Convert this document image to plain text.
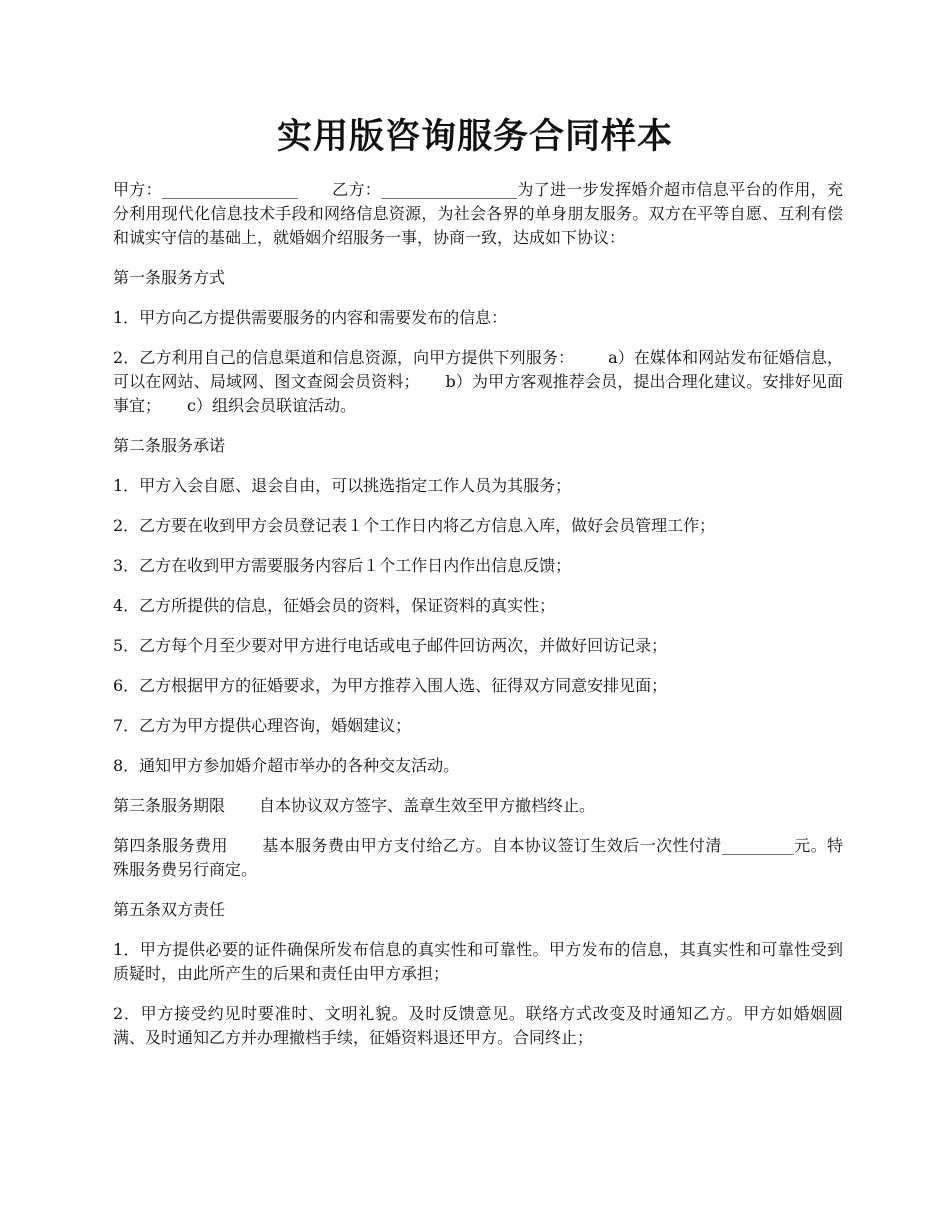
实用版咨询服务合同样本

甲方：_________________ 乙方：_________________为了进一步发挥婚介超市信息平台的作用，充分利用现代化信息技术手段和网络信息资源，为社会各界的单身朋友服务。双方在平等自愿、互利有偿和诚实守信的基础上，就婚姻介绍服务一事，协商一致，达成如下协议：

第一条服务方式

1．甲方向乙方提供需要服务的内容和需要发布的信息：

2．乙方利用自己的信息渠道和信息资源，向甲方提供下列服务： a）在媒体和网站发布征婚信息，可以在网站、局域网、图文查阅会员资料； b）为甲方客观推荐会员，提出合理化建议。安排好见面事宜； c）组织会员联谊活动。

第二条服务承诺

1．甲方入会自愿、退会自由，可以挑选指定工作人员为其服务；

2．乙方要在收到甲方会员登记表１个工作日内将乙方信息入库，做好会员管理工作；

3．乙方在收到甲方需要服务内容后１个工作日内作出信息反馈；

4．乙方所提供的信息，征婚会员的资料，保证资料的真实性；

5．乙方每个月至少要对甲方进行电话或电子邮件回访两次，并做好回访记录；

6．乙方根据甲方的征婚要求，为甲方推荐入围人选、征得双方同意安排见面；

7．乙方为甲方提供心理咨询，婚姻建议；

8．通知甲方参加婚介超市举办的各种交友活动。

第三条服务期限 自本协议双方签字、盖章生效至甲方撤档终止。

第四条服务费用 基本服务费由甲方支付给乙方。自本协议签订生效后一次性付清_________元。特殊服务费另行商定。

第五条双方责任

1．甲方提供必要的证件确保所发布信息的真实性和可靠性。甲方发布的信息，其真实性和可靠性受到质疑时，由此所产生的后果和责任由甲方承担；

2．甲方接受约见时要准时、文明礼貌。及时反馈意见。联络方式改变及时通知乙方。甲方如婚姻圆满、及时通知乙方并办理撤档手续，征婚资料退还甲方。合同终止；
